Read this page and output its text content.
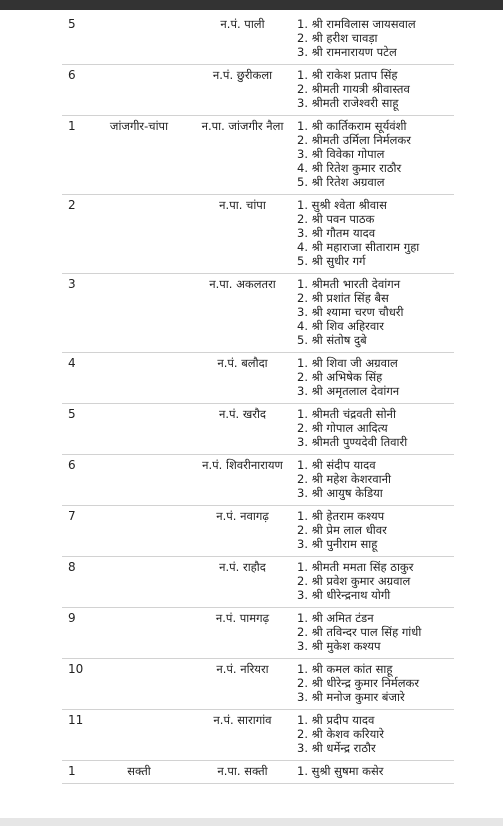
5		न.पं. पाली	1. श्री रामविलास जायसवाल
2. श्री हरीश चावड़ा
3. श्री रामनारायण पटेल

6		न.पं. छुरीकला	1. श्री राकेश प्रताप सिंह
2. श्रीमती गायत्री श्रीवास्तव
3. श्रीमती राजेश्वरी साहू

1	जांजगीर-चांपा	न.पा. जांजगीर नैला	1. श्री कार्तिकराम सूर्यवंशी
2. श्रीमती उर्मिला निर्मलकर
3. श्री विवेका गोपाल
4. श्री रितेश कुमार राठौर
5. श्री रितेश अग्रवाल

2		न.पा. चांपा	1. सुश्री श्वेता श्रीवास
2. श्री पवन पाठक
3. श्री गौतम यादव
4. श्री महाराजा सीताराम गुहा
5. श्री सुधीर गर्ग

3		न.पा. अकलतरा	1. श्रीमती भारती देवांगन
2. श्री प्रशांत सिंह बैस
3. श्री श्यामा चरण चौधरी
4. श्री शिव अहिरवार
5. श्री संतोष दुबे

4		न.पं. बलौदा	1. श्री शिवा जी अग्रवाल
2. श्री अभिषेक सिंह
3. श्री अमृतलाल देवांगन

5		न.पं. खरौद	1. श्रीमती चंद्रवती सोनी
2. श्री गोपाल आदित्य
3. श्रीमती पुण्यदेवी तिवारी

6		न.पं. शिवरीनारायण	1. श्री संदीप यादव
2. श्री महेश केशरवानी
3. श्री आयुष केडिया

7		न.पं. नवागढ़	1. श्री हेतराम कश्यप
2. श्री प्रेम लाल धीवर
3. श्री पुनीराम साहू

8		न.पं. राहौद	1. श्रीमती ममता सिंह ठाकुर
2. श्री प्रवेश कुमार अग्रवाल
3. श्री धीरेन्द्रनाथ योगी

9		न.पं. पामगढ़	1. श्री अमित टंडन
2. श्री तविन्दर पाल सिंह गांधी
3. श्री मुकेश कश्यप

10		न.पं. नरियरा	1. श्री कमल कांत साहू
2. श्री धीरेन्द्र कुमार निर्मलकर
3. श्री मनोज कुमार बंजारे

11		न.पं. सारागांव	1. श्री प्रदीप यादव
2. श्री केशव करियारे
3. श्री धर्मेन्द्र राठौर

1	सक्ती	न.पा. सक्ती	1. सुश्री सुषमा कसेर
